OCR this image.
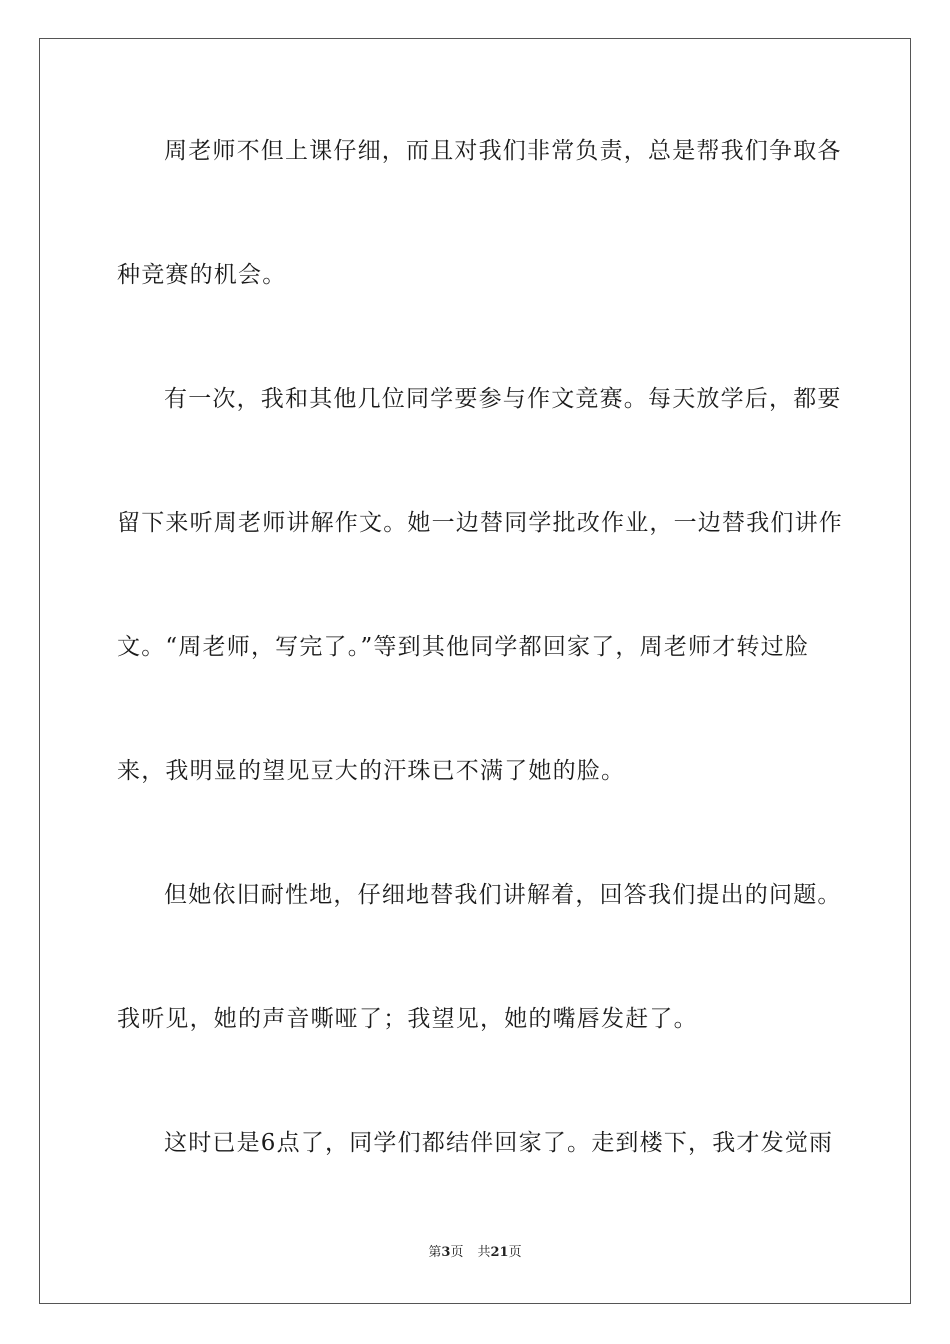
周老师不但上课仔细，而且对我们非常负责，总是帮我们争取各
种竞赛的机会。
有一次，我和其他几位同学要参与作文竞赛。每天放学后，都要
留下来听周老师讲解作文。她一边替同学批改作业，一边替我们讲作
文。“周老师，写完了。”等到其他同学都回家了，周老师才转过脸
来，我明显的望见豆大的汗珠已不满了她的脸。
但她依旧耐性地，仔细地替我们讲解着，回答我们提出的问题。
我听见，她的声音嘶哑了；我望见，她的嘴唇发赶了。
这时已是6点了，同学们都结伴回家了。走到楼下，我才发觉雨
第3页 共21页
